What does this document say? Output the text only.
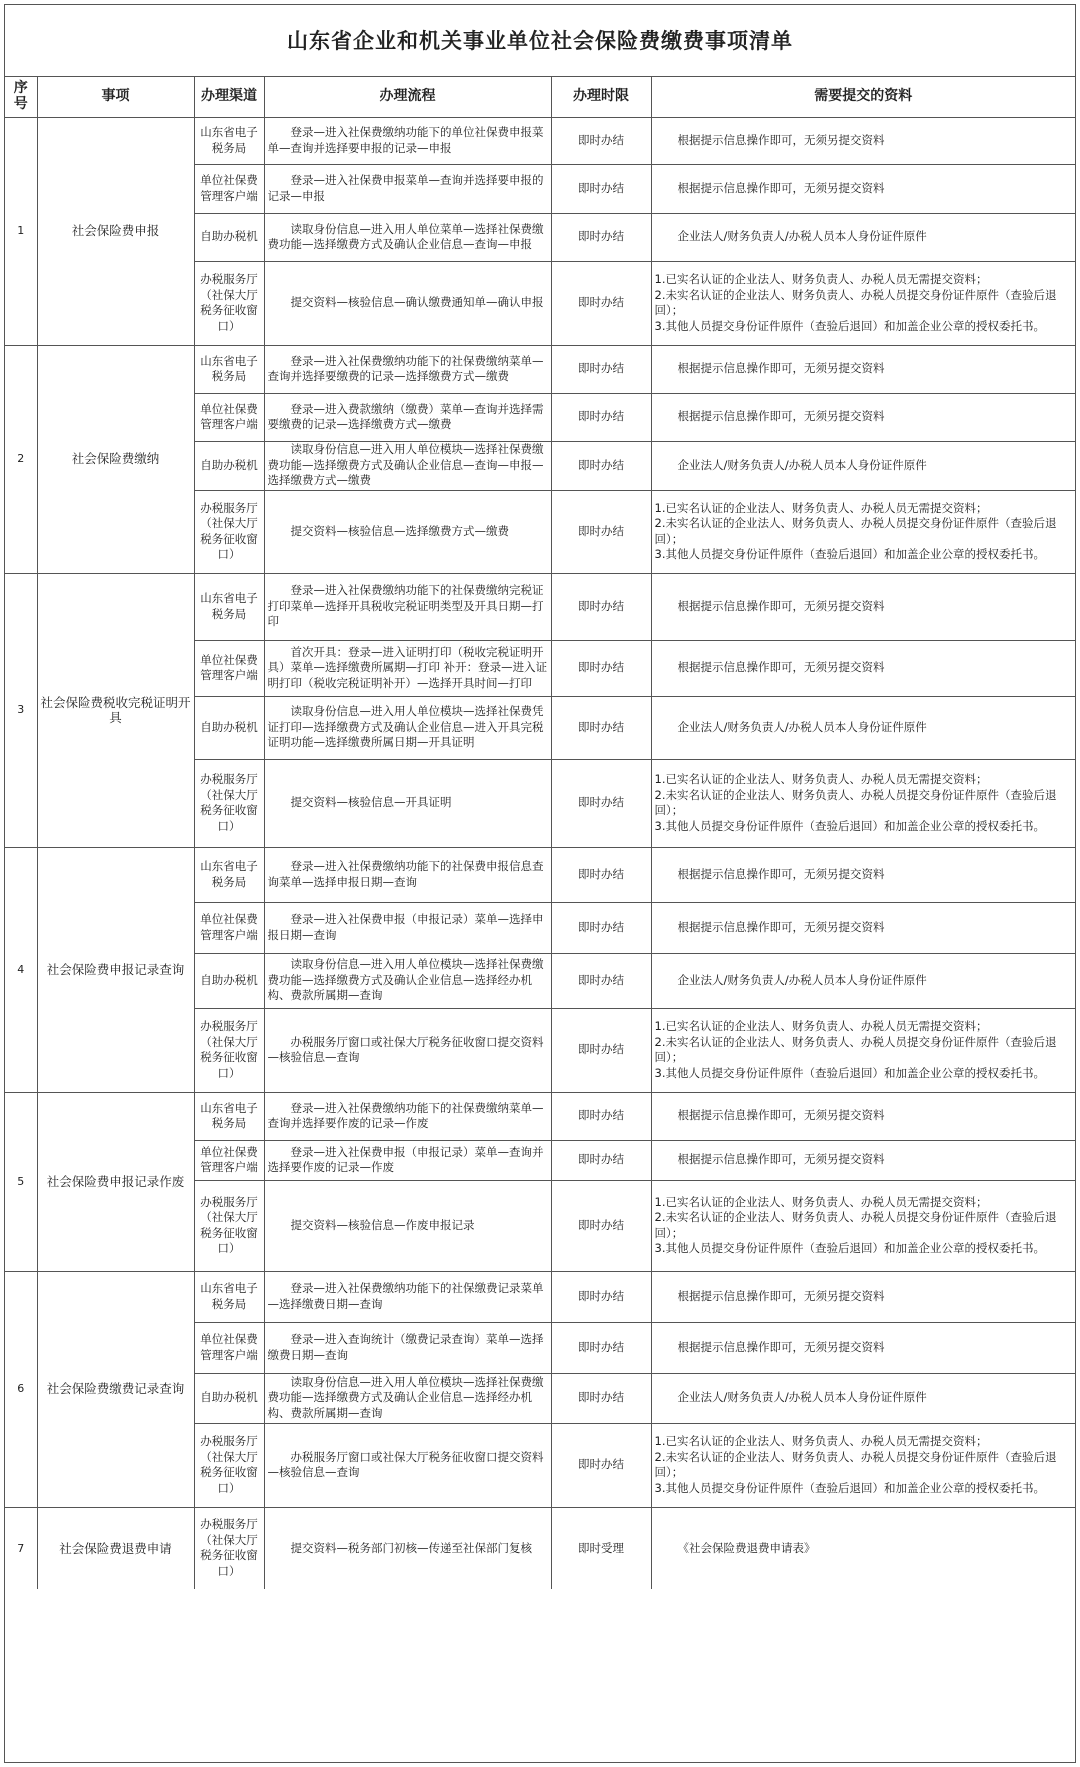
山东省企业和机关事业单位社会保险费缴费事项清单
序号	事项	办理渠道	办理流程	办理时限	需要提交的资料
1	社会保险费申报	山东省电子税务局	登录—进入社保费缴纳功能下的单位社保费申报菜单—查询并选择要申报的记录—申报	即时办结	根据提示信息操作即可，无须另提交资料

		单位社保费管理客户端	登录—进入社保费申报菜单—查询并选择要申报的记录—申报	即时办结	根据提示信息操作即可，无须另提交资料

		自助办税机	读取身份信息—进入用人单位菜单—选择社保费缴费功能—选择缴费方式及确认企业信息—查询—申报	即时办结	企业法人/财务负责人/办税人员本人身份证件原件

		办税服务厅（社保大厅税务征收窗口）	提交资料—核验信息—确认缴费通知单—确认申报	即时办结	1.已实名认证的企业法人、财务负责人、办税人员无需提交资料；
2.未实名认证的企业法人、财务负责人、办税人员提交身份证件原件（查验后退回）；
3.其他人员提交身份证件原件（查验后退回）和加盖企业公章的授权委托书。

2	社会保险费缴纳	山东省电子税务局	登录—进入社保费缴纳功能下的社保费缴纳菜单—查询并选择要缴费的记录—选择缴费方式—缴费	即时办结	根据提示信息操作即可，无须另提交资料

		单位社保费管理客户端	登录—进入费款缴纳（缴费）菜单—查询并选择需要缴费的记录—选择缴费方式—缴费	即时办结	根据提示信息操作即可，无须另提交资料

		自助办税机	读取身份信息—进入用人单位模块—选择社保费缴费功能—选择缴费方式及确认企业信息—查询—申报—选择缴费方式—缴费	即时办结	企业法人/财务负责人/办税人员本人身份证件原件

		办税服务厅（社保大厅税务征收窗口）	提交资料—核验信息—选择缴费方式—缴费	即时办结	1.已实名认证的企业法人、财务负责人、办税人员无需提交资料；
2.未实名认证的企业法人、财务负责人、办税人员提交身份证件原件（查验后退回）；
3.其他人员提交身份证件原件（查验后退回）和加盖企业公章的授权委托书。

3	社会保险费税收完税证明开具	山东省电子税务局	登录—进入社保费缴纳功能下的社保费缴纳完税证打印菜单—选择开具税收完税证明类型及开具日期—打印	即时办结	根据提示信息操作即可，无须另提交资料

		单位社保费管理客户端	首次开具：登录—进入证明打印（税收完税证明开具）菜单—选择缴费所属期—打印 补开：登录—进入证明打印（税收完税证明补开）—选择开具时间—打印	即时办结	根据提示信息操作即可，无须另提交资料

		自助办税机	读取身份信息—进入用人单位模块—选择社保费凭证打印—选择缴费方式及确认企业信息—进入开具完税证明功能—选择缴费所属日期—开具证明	即时办结	企业法人/财务负责人/办税人员本人身份证件原件

		办税服务厅（社保大厅税务征收窗口）	提交资料—核验信息—开具证明	即时办结	1.已实名认证的企业法人、财务负责人、办税人员无需提交资料；
2.未实名认证的企业法人、财务负责人、办税人员提交身份证件原件（查验后退回）；
3.其他人员提交身份证件原件（查验后退回）和加盖企业公章的授权委托书。

4	社会保险费申报记录查询	山东省电子税务局	登录—进入社保费缴纳功能下的社保费申报信息查询菜单—选择申报日期—查询	即时办结	根据提示信息操作即可，无须另提交资料

		单位社保费管理客户端	登录—进入社保费申报（申报记录）菜单—选择申报日期—查询	即时办结	根据提示信息操作即可，无须另提交资料

		自助办税机	读取身份信息—进入用人单位模块—选择社保费缴费功能—选择缴费方式及确认企业信息—选择经办机构、费款所属期—查询	即时办结	企业法人/财务负责人/办税人员本人身份证件原件

		办税服务厅（社保大厅税务征收窗口）	办税服务厅窗口或社保大厅税务征收窗口提交资料—核验信息—查询	即时办结	1.已实名认证的企业法人、财务负责人、办税人员无需提交资料；
2.未实名认证的企业法人、财务负责人、办税人员提交身份证件原件（查验后退回）；
3.其他人员提交身份证件原件（查验后退回）和加盖企业公章的授权委托书。

5	社会保险费申报记录作废	山东省电子税务局	登录—进入社保费缴纳功能下的社保费缴纳菜单—查询并选择要作废的记录—作废	即时办结	根据提示信息操作即可，无须另提交资料

		单位社保费管理客户端	登录—进入社保费申报（申报记录）菜单—查询并选择要作废的记录—作废	即时办结	根据提示信息操作即可，无须另提交资料

		办税服务厅（社保大厅税务征收窗口）	提交资料—核验信息—作废申报记录	即时办结	1.已实名认证的企业法人、财务负责人、办税人员无需提交资料；
2.未实名认证的企业法人、财务负责人、办税人员提交身份证件原件（查验后退回）；
3.其他人员提交身份证件原件（查验后退回）和加盖企业公章的授权委托书。

6	社会保险费缴费记录查询	山东省电子税务局	登录—进入社保费缴纳功能下的社保缴费记录菜单—选择缴费日期—查询	即时办结	根据提示信息操作即可，无须另提交资料

		单位社保费管理客户端	登录—进入查询统计（缴费记录查询）菜单—选择缴费日期—查询	即时办结	根据提示信息操作即可，无须另提交资料

		自助办税机	读取身份信息—进入用人单位模块—选择社保费缴费功能—选择缴费方式及确认企业信息—选择经办机构、费款所属期—查询	即时办结	企业法人/财务负责人/办税人员本人身份证件原件

		办税服务厅（社保大厅税务征收窗口）	办税服务厅窗口或社保大厅税务征收窗口提交资料—核验信息—查询	即时办结	1.已实名认证的企业法人、财务负责人、办税人员无需提交资料；
2.未实名认证的企业法人、财务负责人、办税人员提交身份证件原件（查验后退回）；
3.其他人员提交身份证件原件（查验后退回）和加盖企业公章的授权委托书。

7	社会保险费退费申请	办税服务厅（社保大厅税务征收窗口）	提交资料—税务部门初核—传递至社保部门复核	即时受理	《社会保险费退费申请表》
